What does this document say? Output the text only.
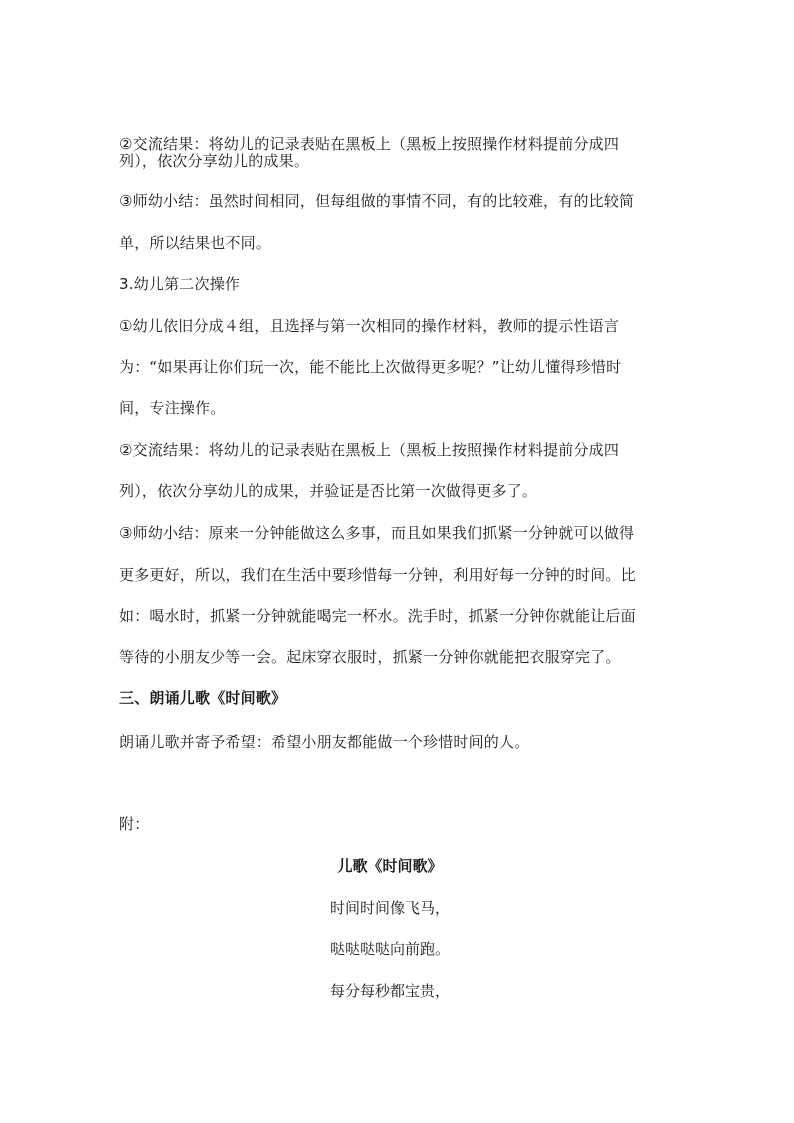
②交流结果：将幼儿的记录表贴在黑板上（黑板上按照操作材料提前分成四
列），依次分享幼儿的成果。
③师幼小结：虽然时间相同，但每组做的事情不同，有的比较难，有的比较简
单，所以结果也不同。
3.幼儿第二次操作
①幼儿依旧分成４组，且选择与第一次相同的操作材料，教师的提示性语言
为：“如果再让你们玩一次，能不能比上次做得更多呢？”让幼儿懂得珍惜时
间，专注操作。
②交流结果：将幼儿的记录表贴在黑板上（黑板上按照操作材料提前分成四
列），依次分享幼儿的成果，并验证是否比第一次做得更多了。
③师幼小结：原来一分钟能做这么多事，而且如果我们抓紧一分钟就可以做得
更多更好，所以，我们在生活中要珍惜每一分钟，利用好每一分钟的时间。比
如：喝水时，抓紧一分钟就能喝完一杯水。洗手时，抓紧一分钟你就能让后面
等待的小朋友少等一会。起床穿衣服时，抓紧一分钟你就能把衣服穿完了。
三、朗诵儿歌《时间歌》
朗诵儿歌并寄予希望：希望小朋友都能做一个珍惜时间的人。
附：
儿歌《时间歌》
时间时间像飞马，
哒哒哒哒向前跑。
每分每秒都宝贵，
